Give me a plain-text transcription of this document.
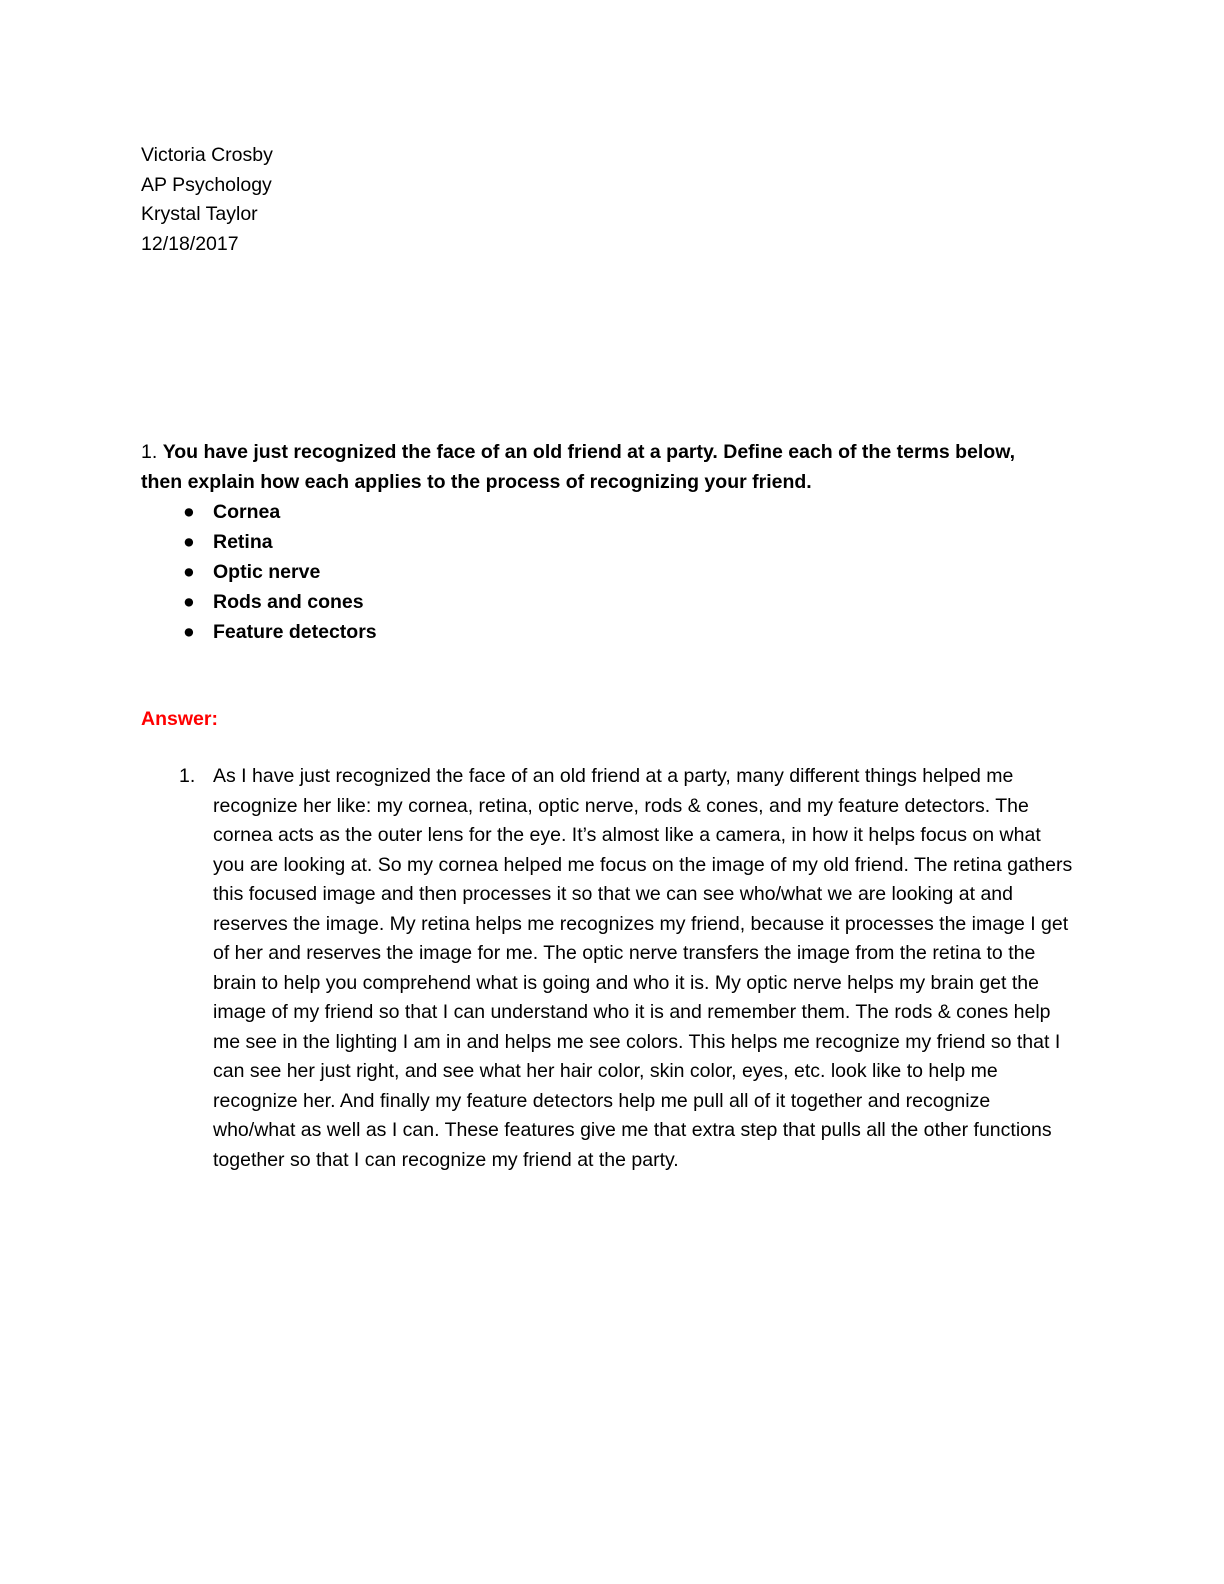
Victoria Crosby
AP Psychology
Krystal Taylor
12/18/2017
1. You have just recognized the face of an old friend at a party. Define each of the terms below, then explain how each applies to the process of recognizing your friend.
● Cornea
● Retina
● Optic nerve
● Rods and cones
● Feature detectors
Answer:
1. As I have just recognized the face of an old friend at a party, many different things helped me recognize her like: my cornea, retina, optic nerve, rods & cones, and my feature detectors. The cornea acts as the outer lens for the eye. It’s almost like a camera, in how it helps focus on what you are looking at. So my cornea helped me focus on the image of my old friend. The retina gathers this focused image and then processes it so that we can see who/what we are looking at and reserves the image. My retina helps me recognizes my friend, because it processes the image I get of her and reserves the image for me. The optic nerve transfers the image from the retina to the brain to help you comprehend what is going and who it is. My optic nerve helps my brain get the image of my friend so that I can understand who it is and remember them. The rods & cones help me see in the lighting I am in and helps me see colors. This helps me recognize my friend so that I can see her just right, and see what her hair color, skin color, eyes, etc. look like to help me recognize her. And finally my feature detectors help me pull all of it together and recognize who/what as well as I can. These features give me that extra step that pulls all the other functions together so that I can recognize my friend at the party.
